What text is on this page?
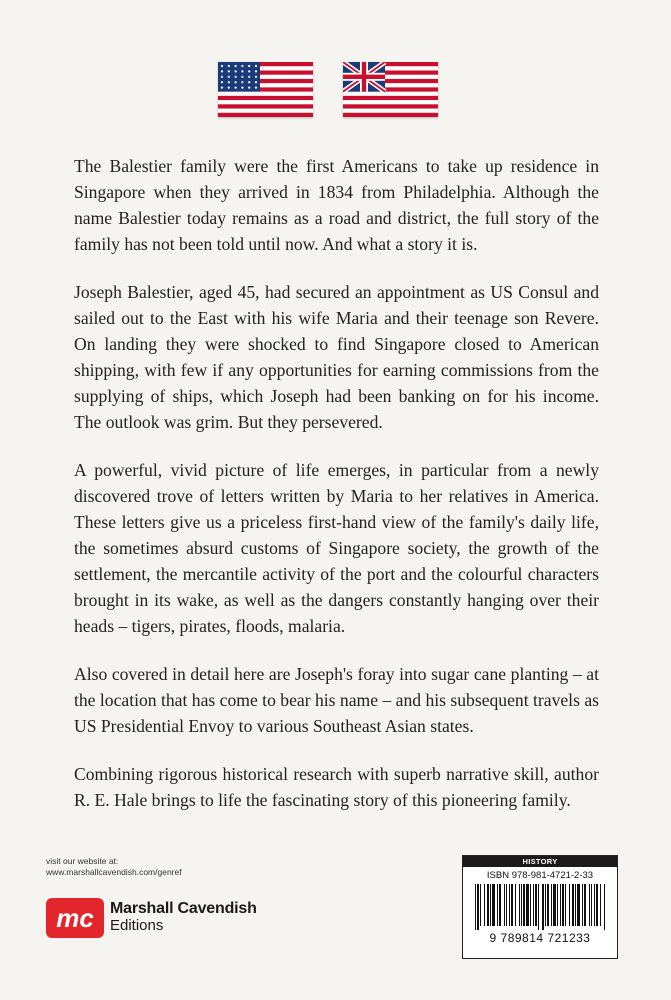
The Balestier family were the first Americans to take up residence in Singapore when they arrived in 1834 from Philadelphia. Although the name Balestier today remains as a road and district, the full story of the family has not been told until now. And what a story it is.

Joseph Balestier, aged 45, had secured an appointment as US Consul and sailed out to the East with his wife Maria and their teenage son Revere. On landing they were shocked to find Singapore closed to American shipping, with few if any opportunities for earning commissions from the supplying of ships, which Joseph had been banking on for his income. The outlook was grim. But they persevered.

A powerful, vivid picture of life emerges, in particular from a newly discovered trove of letters written by Maria to her relatives in America. These letters give us a priceless first-hand view of the family's daily life, the sometimes absurd customs of Singapore society, the growth of the settlement, the mercantile activity of the port and the colourful characters brought in its wake, as well as the dangers constantly hanging over their heads – tigers, pirates, floods, malaria.

Also covered in detail here are Joseph's foray into sugar cane planting – at the location that has come to bear his name – and his subsequent travels as US Presidential Envoy to various Southeast Asian states.

Combining rigorous historical research with superb narrative skill, author R. E. Hale brings to life the fascinating story of this pioneering family.

visit our website at:
www.marshallcavendish.com/genref
mc Marshall Cavendish
Editions
HISTORY
ISBN 978-981-4721-2-33
9 789814 721233
